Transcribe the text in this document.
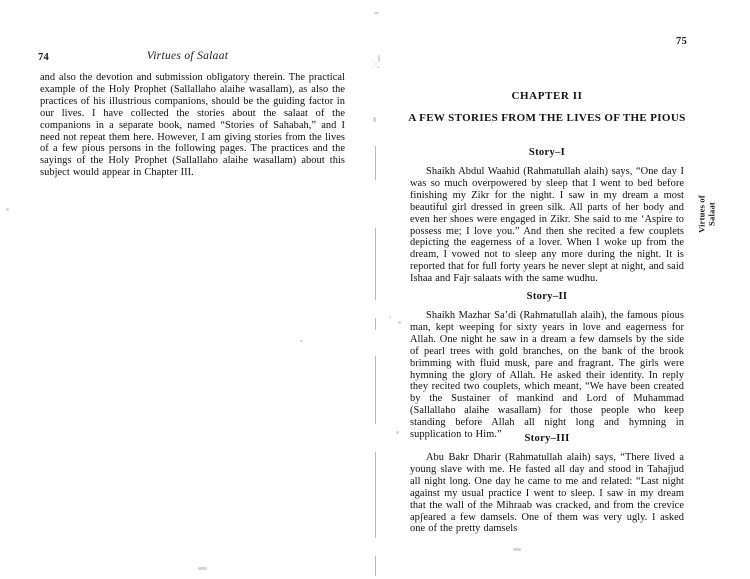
74	Virtues of Salaat

and also the devotion and submission obligatory therein. The practical example of the Holy Prophet (Sallallaho alaihe wasallam), as also the practices of his illustrious companions, should be the guiding factor in our lives. I have collected the stories about the salaat of the companions in a separate book, named “Stories of Sahabah,” and I need not repeat them here. However, I am giving stories from the lives of a few pious persons in the following pages. The practices and the sayings of the Holy Prophet (Sallallaho alaihe wasallam) about this subject would appear in Chapter III.

75
CHAPTER II
A FEW STORIES FROM THE LIVES OF THE PIOUS

Story–I

Shaikh Abdul Waahid (Rahmatullah alaih) says, “One day I was so much overpowered by sleep that I went to bed before finishing my Zikr for the night. I saw in my dream a most beautiful girl dressed in green silk. All parts of her body and even her shoes were engaged in Zikr. She said to me ‘Aspire to possess me; I love you.” And then she recited a few couplets depicting the eagerness of a lover. When I woke up from the dream, I vowed not to sleep any more during the night. It is reported that for full forty years he never slept at night, and said Ishaa and Fajr salaats with the same wudhu.

Story–II

Shaikh Mazhar Sa’di (Rahmatullah alaih), the famous pious man, kept weeping for sixty years in love and eagerness for Allah. One night he saw in a dream a few damsels by the side of pearl trees with gold branches, on the bank of the brook brimming with fluid musk, pare and fragrant. The girls were hymning the glory of Allah. He asked their identity. In reply they recited two couplets, which meant, “We have been created by the Sustainer of mankind and Lord of Muhammad (Sallallaho alaihe wasallam) for those people who keep standing before Allah all night long and hymning in supplication to Him.”	Story–III

Abu Bakr Dharir (Rahmatullah alaih) says, “There lived a young slave with me. He fasted all day and stood in Tahajjud all night long. One day he came to me and related: “Last night against my usual practice I went to sleep. I saw in my dream that the wall of the Mihraab was cracked, and from the crevice apʃeared a few damsels. One of them was very ugly. I asked one of the pretty damsels

Virtues of Salaat
